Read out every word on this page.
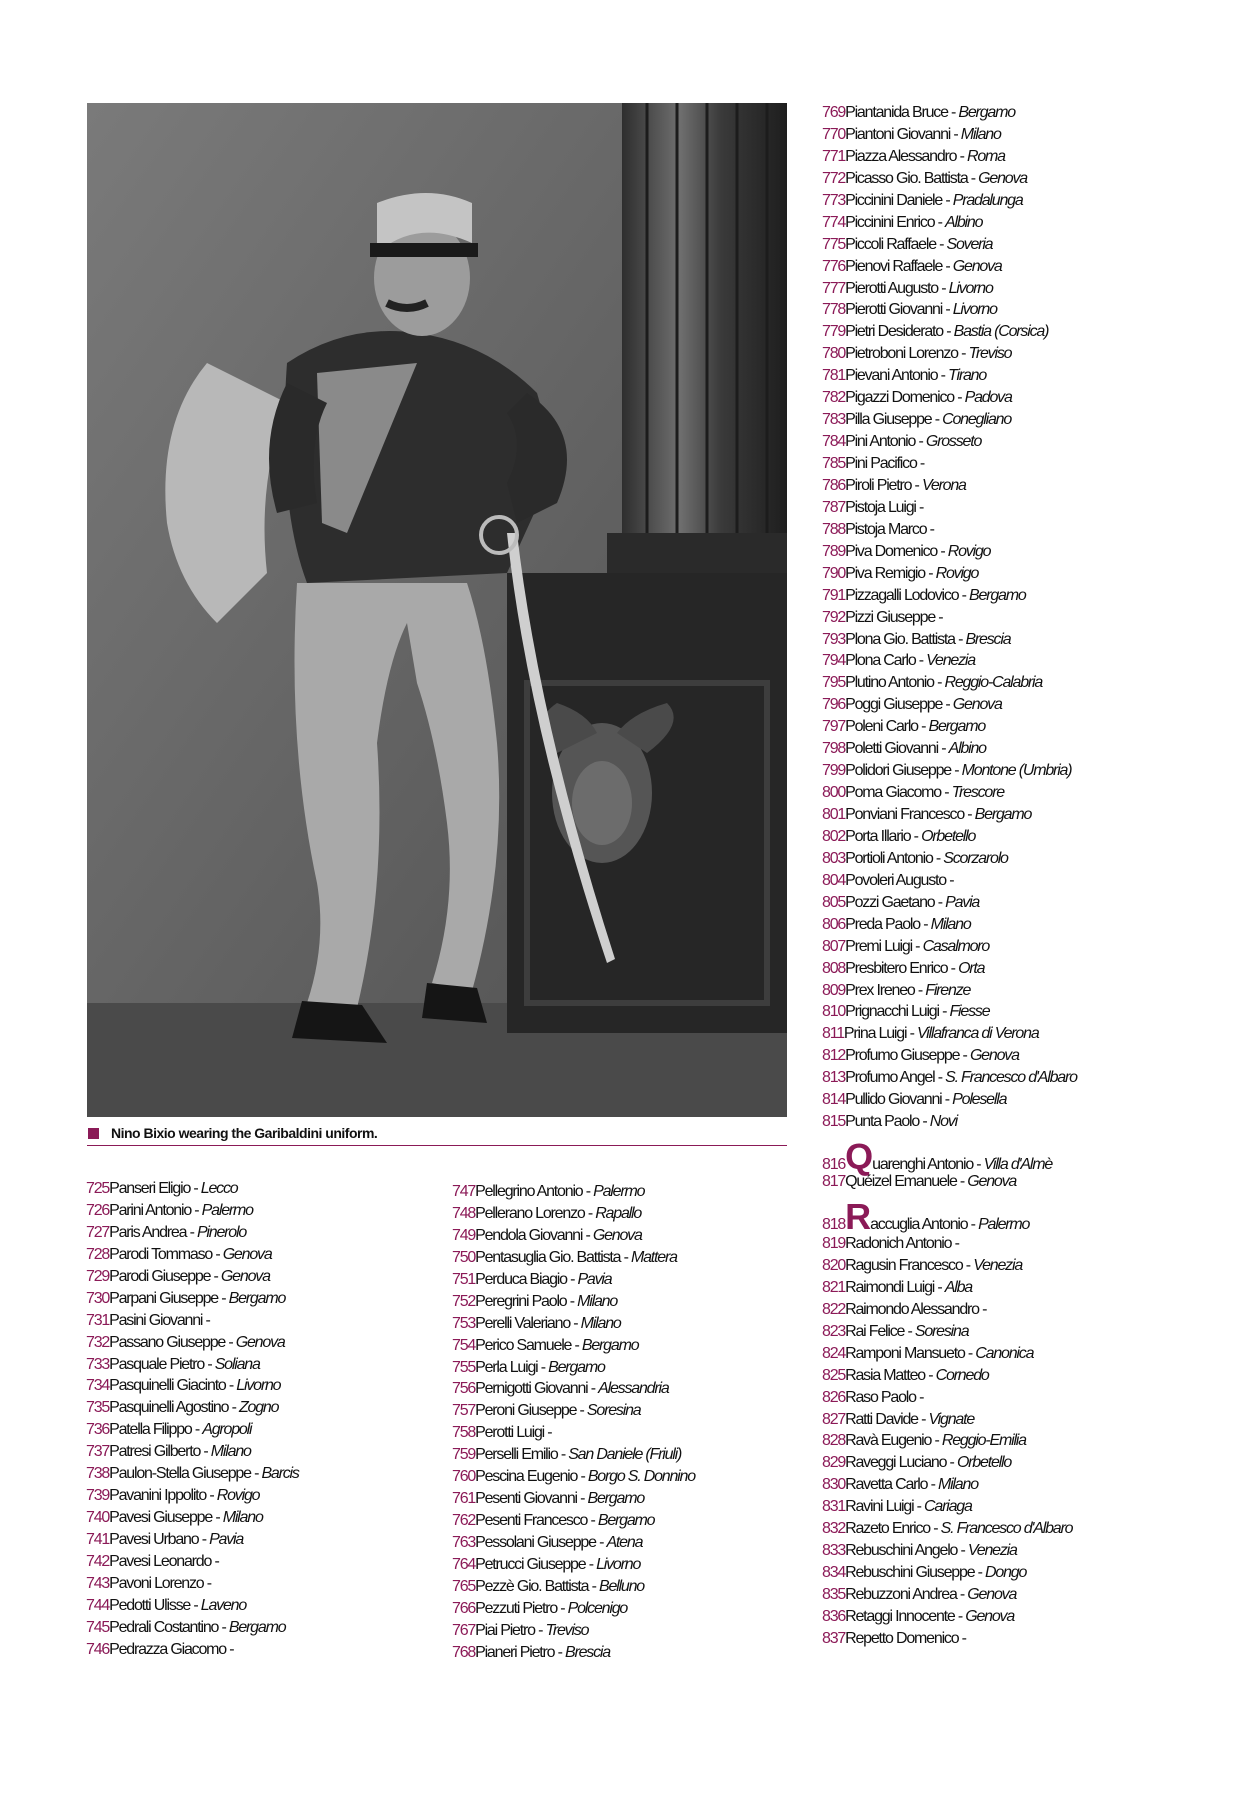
Nino Bixio wearing the Garibaldini uniform.
725Panseri Eligio - Lecco
726Parini Antonio - Palermo
727Paris Andrea - Pinerolo
728Parodi Tommaso - Genova
729Parodi Giuseppe - Genova
730Parpani Giuseppe - Bergamo
731Pasini Giovanni -
732Passano Giuseppe - Genova
733Pasquale Pietro - Soliana
734Pasquinelli Giacinto - Livorno
735Pasquinelli Agostino - Zogno
736Patella Filippo - Agropoli
737Patresi Gilberto - Milano
738Paulon-Stella Giuseppe - Barcis
739Pavanini Ippolito - Rovigo
740Pavesi Giuseppe - Milano
741Pavesi Urbano - Pavia
742Pavesi Leonardo -
743Pavoni Lorenzo -
744Pedotti Ulisse - Laveno
745Pedrali Costantino - Bergamo
746Pedrazza Giacomo -
747Pellegrino Antonio - Palermo
748Pellerano Lorenzo - Rapallo
749Pendola Giovanni - Genova
750Pentasuglia Gio. Battista - Mattera
751Perduca Biagio - Pavia
752Peregrini Paolo - Milano
753Perelli Valeriano - Milano
754Perico Samuele - Bergamo
755Perla Luigi - Bergamo
756Pernigotti Giovanni - Alessandria
757Peroni Giuseppe - Soresina
758Perotti Luigi -
759Perselli Emilio - San Daniele (Friuli)
760Pescina Eugenio - Borgo S. Donnino
761Pesenti Giovanni - Bergamo
762Pesenti Francesco - Bergamo
763Pessolani Giuseppe - Atena
764Petrucci Giuseppe - Livorno
765Pezzè Gio. Battista - Belluno
766Pezzuti Pietro - Polcenigo
767Piai Pietro - Treviso
768Pianeri Pietro - Brescia
769Piantanida Bruce - Bergamo
770Piantoni Giovanni - Milano
771Piazza Alessandro - Roma
772Picasso Gio. Battista - Genova
773Piccinini Daniele - Pradalunga
774Piccinini Enrico - Albino
775Piccoli Raffaele - Soveria
776Pienovi Raffaele - Genova
777Pierotti Augusto - Livorno
778Pierotti Giovanni - Livorno
779Pietri Desiderato - Bastia (Corsica)
780Pietroboni Lorenzo - Treviso
781Pievani Antonio - Tirano
782Pigazzi Domenico - Padova
783Pilla Giuseppe - Conegliano
784Pini Antonio - Grosseto
785Pini Pacifico -
786Piroli Pietro - Verona
787Pistoja Luigi -
788Pistoja Marco -
789Piva Domenico - Rovigo
790Piva Remigio - Rovigo
791Pizzagalli Lodovico - Bergamo
792Pizzi Giuseppe -
793Plona Gio. Battista - Brescia
794Plona Carlo - Venezia
795Plutino Antonio - Reggio-Calabria
796Poggi Giuseppe - Genova
797Poleni Carlo - Bergamo
798Poletti Giovanni - Albino
799Polidori Giuseppe - Montone (Umbria)
800Poma Giacomo - Trescore
801Ponviani Francesco - Bergamo
802Porta Illario - Orbetello
803Portioli Antonio - Scorzarolo
804Povoleri Augusto -
805Pozzi Gaetano - Pavia
806Preda Paolo - Milano
807Premi Luigi - Casalmoro
808Presbitero Enrico - Orta
809Prex Ireneo - Firenze
810Prignacchi Luigi - Fiesse
811Prina Luigi - Villafranca di Verona
812Profumo Giuseppe - Genova
813Profumo Angel - S. Francesco d'Albaro
814Pullido Giovanni - Polesella
815Punta Paolo - Novi
816Quarenghi Antonio - Villa d'Almè
817Quéizel Emanuele - Genova
818Raccuglia Antonio - Palermo
819Radonich Antonio -
820Ragusin Francesco - Venezia
821Raimondi Luigi - Alba
822Raimondo Alessandro -
823Rai Felice - Soresina
824Ramponi Mansueto - Canonica
825Rasia Matteo - Cornedo
826Raso Paolo -
827Ratti Davide - Vignate
828Ravà Eugenio - Reggio-Emilia
829Raveggi Luciano - Orbetello
830Ravetta Carlo - Milano
831Ravini Luigi - Cariaga
832Razeto Enrico - S. Francesco d'Albaro
833Rebuschini Angelo - Venezia
834Rebuschini Giuseppe - Dongo
835Rebuzzoni Andrea - Genova
836Retaggi Innocente - Genova
837Repetto Domenico -
